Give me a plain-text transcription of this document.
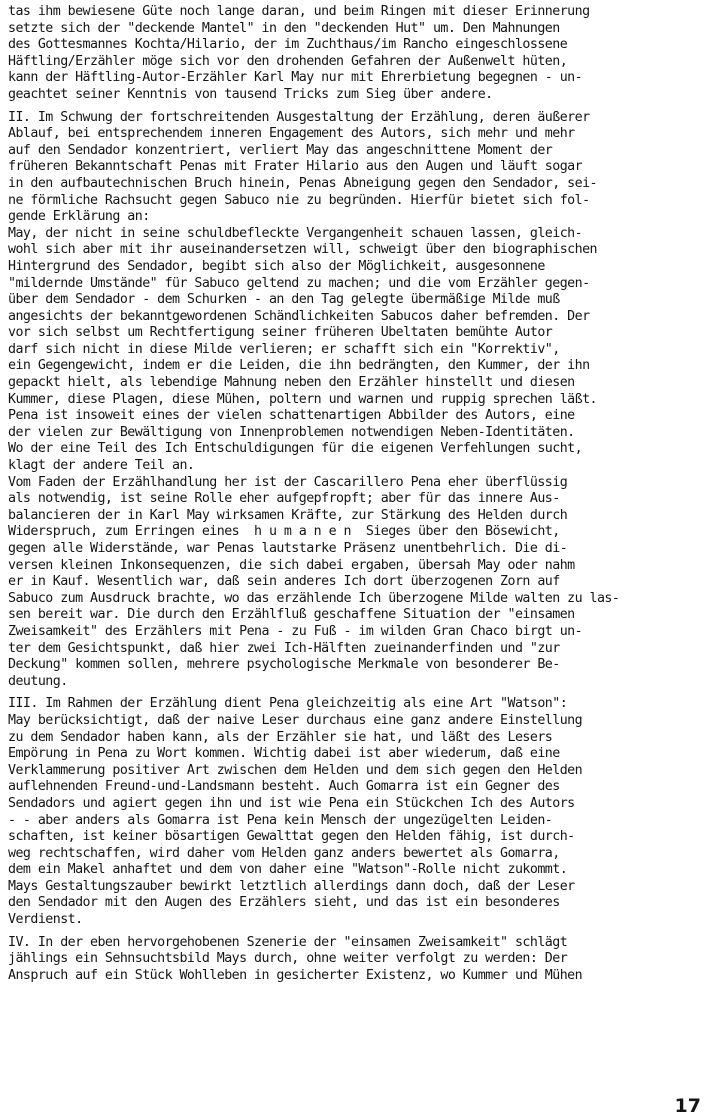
tas ihm bewiesene Güte noch lange daran, und beim Ringen mit dieser Erinnerung
setzte sich der "deckende Mantel" in den "deckenden Hut" um. Den Mahnungen
des Gottesmannes Kochta/Hilario, der im Zuchthaus/im Rancho eingeschlossene
Häftling/Erzähler möge sich vor den drohenden Gefahren der Außenwelt hüten,
kann der Häftling-Autor-Erzähler Karl May nur mit Ehrerbietung begegnen - un-
geachtet seiner Kenntnis von tausend Tricks zum Sieg über andere.
II. Im Schwung der fortschreitenden Ausgestaltung der Erzählung, deren äußerer
Ablauf, bei entsprechendem inneren Engagement des Autors, sich mehr und mehr
auf den Sendador konzentriert, verliert May das angeschnittene Moment der
früheren Bekanntschaft Penas mit Frater Hilario aus den Augen und läuft sogar
in den aufbautechnischen Bruch hinein, Penas Abneigung gegen den Sendador, sei-
ne förmliche Rachsucht gegen Sabuco nie zu begründen. Hierfür bietet sich fol-
gende Erklärung an:
May, der nicht in seine schuldbefleckte Vergangenheit schauen lassen, gleich-
wohl sich aber mit ihr auseinandersetzen will, schweigt über den biographischen
Hintergrund des Sendador, begibt sich also der Möglichkeit, ausgesonnene
"mildernde Umstände" für Sabuco geltend zu machen; und die vom Erzähler gegen-
über dem Sendador - dem Schurken - an den Tag gelegte übermäßige Milde muß
angesichts der bekanntgewordenen Schändlichkeiten Sabucos daher befremden. Der
vor sich selbst um Rechtfertigung seiner früheren Übeltaten bemühte Autor
darf sich nicht in diese Milde verlieren; er schafft sich ein "Korrektiv",
ein Gegengewicht, indem er die Leiden, die ihn bedrängten, den Kummer, der ihn
gepackt hielt, als lebendige Mahnung neben den Erzähler hinstellt und diesen
Kummer, diese Plagen, diese Mühen, poltern und warnen und ruppig sprechen läßt.
Pena ist insoweit eines der vielen schattenartigen Abbilder des Autors, eine
der vielen zur Bewältigung von Innenproblemen notwendigen Neben-Identitäten.
Wo der eine Teil des Ich Entschuldigungen für die eigenen Verfehlungen sucht,
klagt der andere Teil an.
Vom Faden der Erzählhandlung her ist der Cascarillero Pena eher überflüssig
als notwendig, ist seine Rolle eher aufgepfropft; aber für das innere Aus-
balancieren der in Karl May wirksamen Kräfte, zur Stärkung des Helden durch
Widerspruch, zum Erringen eines  h u m a n e n  Sieges über den Bösewicht,
gegen alle Widerstände, war Penas lautstarke Präsenz unentbehrlich. Die di-
versen kleinen Inkonsequenzen, die sich dabei ergaben, übersah May oder nahm
er in Kauf. Wesentlich war, daß sein anderes Ich dort überzogenen Zorn auf
Sabuco zum Ausdruck brachte, wo das erzählende Ich überzogene Milde walten zu las-
sen bereit war. Die durch den Erzählfluß geschaffene Situation der "einsamen
Zweisamkeit" des Erzählers mit Pena - zu Fuß - im wilden Gran Chaco birgt un-
ter dem Gesichtspunkt, daß hier zwei Ich-Hälften zueinanderfinden und "zur
Deckung" kommen sollen, mehrere psychologische Merkmale von besonderer Be-
deutung.
III. Im Rahmen der Erzählung dient Pena gleichzeitig als eine Art "Watson":
May berücksichtigt, daß der naive Leser durchaus eine ganz andere Einstellung
zu dem Sendador haben kann, als der Erzähler sie hat, und läßt des Lesers
Empörung in Pena zu Wort kommen. Wichtig dabei ist aber wiederum, daß eine
Verklammerung positiver Art zwischen dem Helden und dem sich gegen den Helden
auflehnenden Freund-und-Landsmann besteht. Auch Gomarra ist ein Gegner des
Sendadors und agiert gegen ihn und ist wie Pena ein Stückchen Ich des Autors
- - aber anders als Gomarra ist Pena kein Mensch der ungezügelten Leiden-
schaften, ist keiner bösartigen Gewalttat gegen den Helden fähig, ist durch-
weg rechtschaffen, wird daher vom Helden ganz anders bewertet als Gomarra,
dem ein Makel anhaftet und dem von daher eine "Watson"-Rolle nicht zukommt.
Mays Gestaltungszauber bewirkt letztlich allerdings dann doch, daß der Leser
den Sendador mit den Augen des Erzählers sieht, und das ist ein besonderes
Verdienst.
IV. In der eben hervorgehobenen Szenerie der "einsamen Zweisamkeit" schlägt
jählings ein Sehnsuchtsbild Mays durch, ohne weiter verfolgt zu werden: Der
Anspruch auf ein Stück Wohlleben in gesicherter Existenz, wo Kummer und Mühen
17
